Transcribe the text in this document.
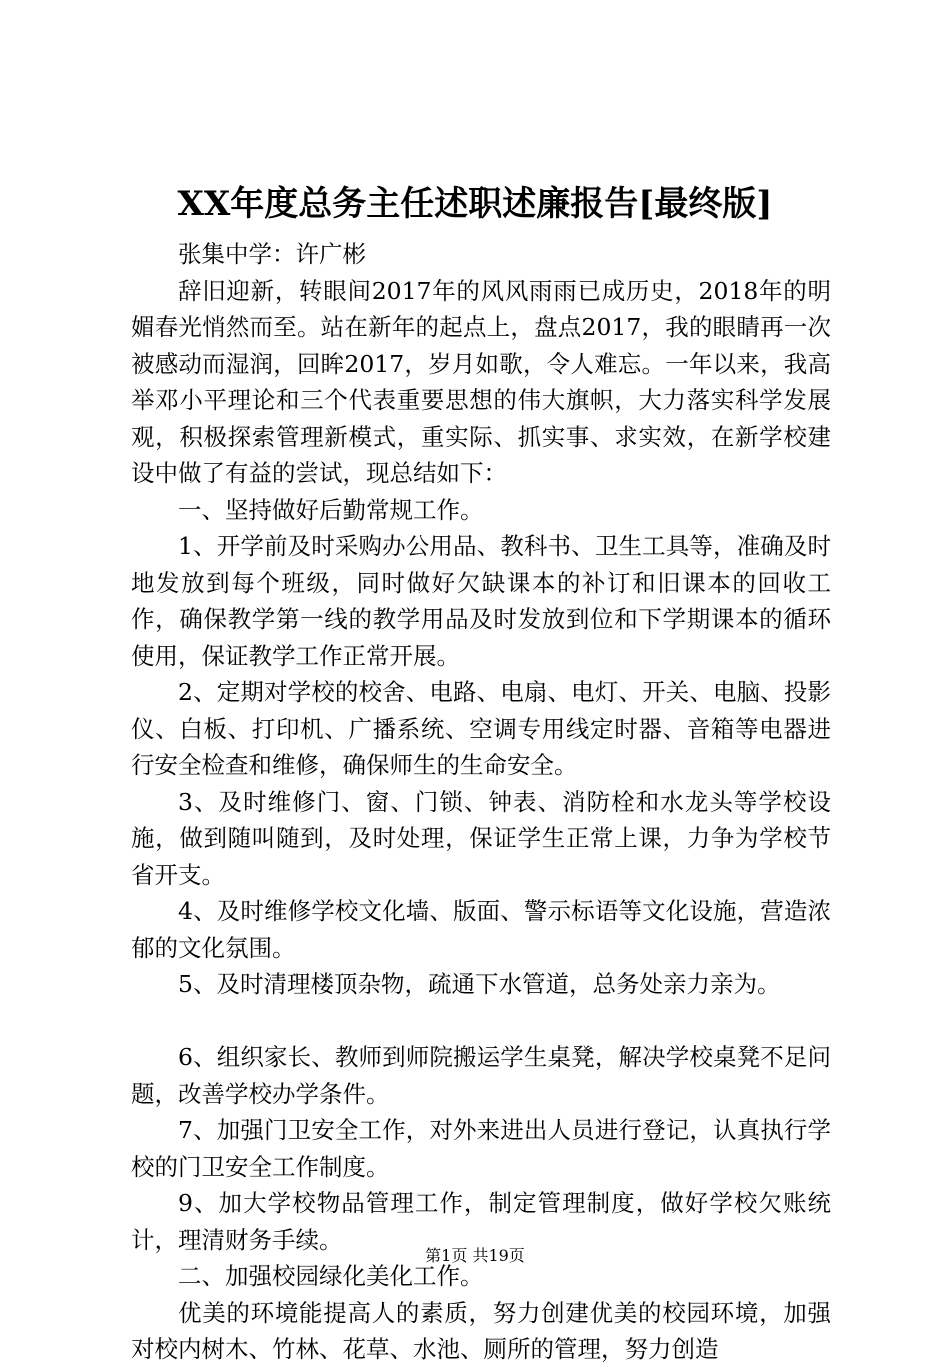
XX年度总务主任述职述廉报告[最终版]

张集中学：许广彬

辞旧迎新，转眼间2017年的风风雨雨已成历史，2018年的明媚春光悄然而至。站在新年的起点上，盘点2017，我的眼睛再一次被感动而湿润，回眸2017，岁月如歌，令人难忘。一年以来，我高举邓小平理论和三个代表重要思想的伟大旗帜，大力落实科学发展观，积极探索管理新模式，重实际、抓实事、求实效，在新学校建设中做了有益的尝试，现总结如下：

一、坚持做好后勤常规工作。

1、开学前及时采购办公用品、教科书、卫生工具等，准确及时地发放到每个班级，同时做好欠缺课本的补订和旧课本的回收工作，确保教学第一线的教学用品及时发放到位和下学期课本的循环使用，保证教学工作正常开展。

2、定期对学校的校舍、电路、电扇、电灯、开关、电脑、投影仪、白板、打印机、广播系统、空调专用线定时器、音箱等电器进行安全检查和维修，确保师生的生命安全。

3、及时维修门、窗、门锁、钟表、消防栓和水龙头等学校设施，做到随叫随到，及时处理，保证学生正常上课，力争为学校节省开支。

4、及时维修学校文化墙、版面、警示标语等文化设施，营造浓郁的文化氛围。

5、及时清理楼顶杂物，疏通下水管道，总务处亲力亲为。

6、组织家长、教师到师院搬运学生桌凳，解决学校桌凳不足问题，改善学校办学条件。

7、加强门卫安全工作，对外来进出人员进行登记，认真执行学校的门卫安全工作制度。

9、加大学校物品管理工作，制定管理制度，做好学校欠账统计，理清财务手续。

二、加强校园绿化美化工作。

优美的环境能提高人的素质，努力创建优美的校园环境，加强对校内树木、竹林、花草、水池、厕所的管理，努力创造

第1页 共19页
